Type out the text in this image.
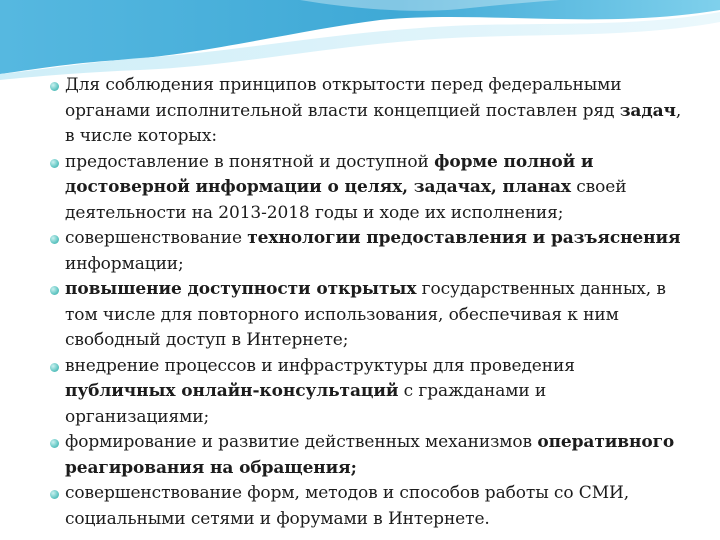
Для соблюдения принципов открытости перед федеральными органами исполнительной власти концепцией поставлен ряд задач, в числе которых:
предоставление в понятной и доступной форме полной и достоверной информации о целях, задачах, планах своей деятельности на 2013-2018 годы и ходе их исполнения;
совершенствование технологии предоставления и разъяснения информации;
повышение доступности открытых государственных данных, в том числе для повторного использования, обеспечивая к ним свободный доступ в Интернете;
внедрение процессов и инфраструктуры для проведения публичных онлайн-консультаций с гражданами и организациями;
формирование и развитие действенных механизмов оперативного реагирования на обращения;
совершенствование форм, методов и способов работы со СМИ, социальными сетями и форумами в Интернете.
